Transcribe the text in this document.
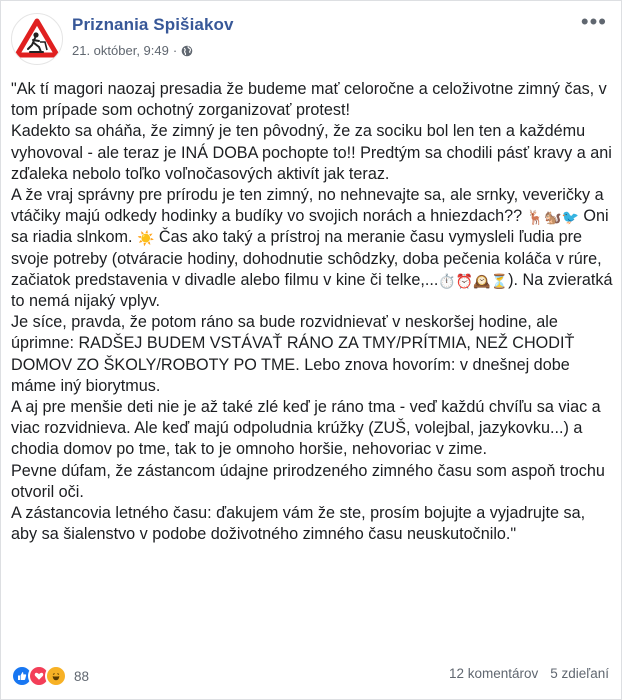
Priznania Spišiakov
21. október, 9:49 ·
•••

"Ak tí magori naozaj presadia že budeme mať celoročne a celoživotne zimný čas, v tom prípade som ochotný zorganizovať protest!

Kadekto sa oháňa, že zimný je ten pôvodný, že za sociku bol len ten a každému vyhovoval - ale teraz je INÁ DOBA pochopte to!! Predtým sa chodili pásť kravy a ani zďaleka nebolo toľko voľnočasových aktivít jak teraz.

A že vraj správny pre prírodu je ten zimný, no nehnevajte sa, ale srnky, veveričky a vtáčiky majú odkedy hodinky a budíky vo svojich norách a hniezdach?? 🦌🐿️🐦 Oni sa riadia slnkom. ☀️ Čas ako taký a prístroj na meranie času vymysleli ľudia pre svoje potreby (otváracie hodiny, dohodnutie schôdzky, doba pečenia koláča v rúre, začiatok predstavenia v divadle alebo filmu v kine či telke,...⏱️⏰🕰️⏳). Na zvieratká to nemá nijaký vplyv.

Je síce, pravda, že potom ráno sa bude rozvidnievať v neskoršej hodine, ale úprimne: RADŠEJ BUDEM VSTÁVAŤ RÁNO ZA TMY/PRÍTMIA, NEŽ CHODIŤ DOMOV ZO ŠKOLY/ROBOTY PO TME. Lebo znova hovorím: v dnešnej dobe máme iný biorytmus.

A aj pre menšie deti nie je až také zlé keď je ráno tma - veď každú chvíľu sa viac a viac rozvidnieva. Ale keď majú odpoludnia krúžky (ZUŠ, volejbal, jazykovku...) a chodia domov po tme, tak to je omnoho horšie, nehovoriac v zime.

Pevne dúfam, že zástancom údajne prirodzeného zimného času som aspoň trochu otvoril oči.

A zástancovia letného času: ďakujem vám že ste, prosím bojujte a vyjadrujte sa, aby sa šialenstvo v podobe doživotného zimného času neuskutočnilo."

88	12 komentárov 5 zdieľaní
